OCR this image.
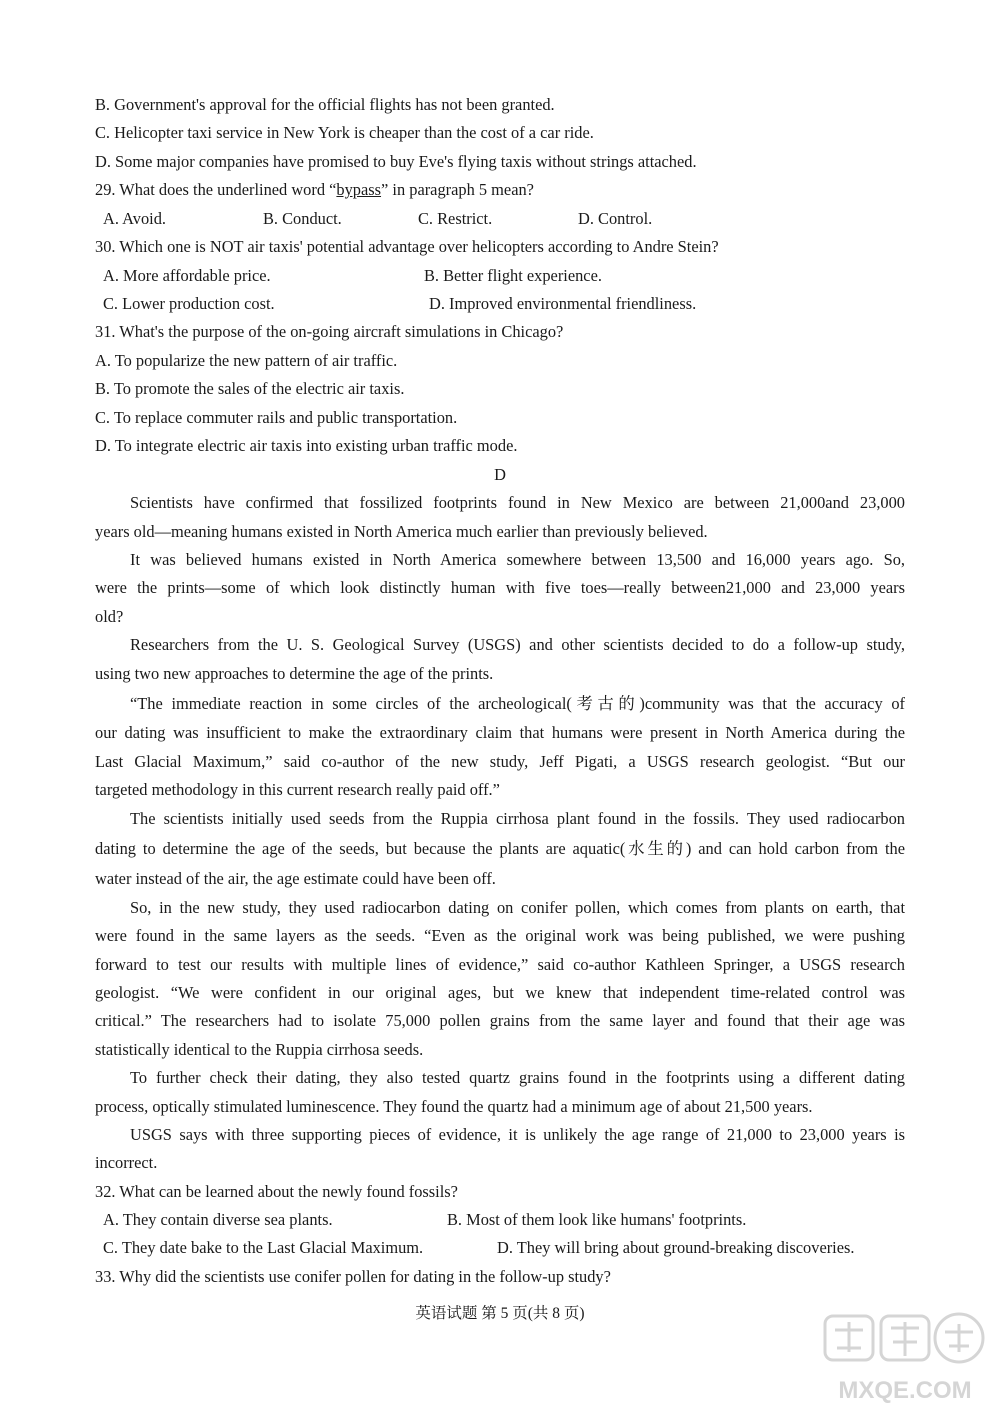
B. Government's approval for the official flights has not been granted.
C. Helicopter taxi service in New York is cheaper than the cost of a car ride.
D. Some major companies have promised to buy Eve's flying taxis without strings attached.
29. What does the underlined word “bypass” in paragraph 5 mean?
A. Avoid.	B. Conduct.	C. Restrict.	D. Control.
30. Which one is NOT air taxis' potential advantage over helicopters according to Andre Stein?
A. More affordable price.	B. Better flight experience.
C. Lower production cost.	D. Improved environmental friendliness.
31. What's the purpose of the on-going aircraft simulations in Chicago?
A. To popularize the new pattern of air traffic.
B. To promote the sales of the electric air taxis.
C. To replace commuter rails and public transportation.
D. To integrate electric air taxis into existing urban traffic mode.
D
Scientists have confirmed that fossilized footprints found in New Mexico are between 21,000and 23,000
years old—meaning humans existed in North America much earlier than previously believed.
It was believed humans existed in North America somewhere between 13,500 and 16,000 years ago. So,
were the prints—some of which look distinctly human with five toes—really between21,000 and 23,000 years
old?
Researchers from the U. S. Geological Survey (USGS) and other scientists decided to do a follow-up study,
using two new approaches to determine the age of the prints.
“The immediate reaction in some circles of the archeological(考古的)community was that the accuracy of
our dating was insufficient to make the extraordinary claim that humans were present in North America during the
Last Glacial Maximum,” said co-author of the new study, Jeff Pigati, a USGS research geologist. “But our
targeted methodology in this current research really paid off.”
The scientists initially used seeds from the Ruppia cirrhosa plant found in the fossils. They used radiocarbon
dating to determine the age of the seeds, but because the plants are aquatic(水生的) and can hold carbon from the
water instead of the air, the age estimate could have been off.
So, in the new study, they used radiocarbon dating on conifer pollen, which comes from plants on earth, that
were found in the same layers as the seeds. “Even as the original work was being published, we were pushing
forward to test our results with multiple lines of evidence,” said co-author Kathleen Springer, a USGS research
geologist. “We were confident in our original ages, but we knew that independent time-related control was
critical.” The researchers had to isolate 75,000 pollen grains from the same layer and found that their age was
statistically identical to the Ruppia cirrhosa seeds.
To further check their dating, they also tested quartz grains found in the footprints using a different dating
process, optically stimulated luminescence. They found the quartz had a minimum age of about 21,500 years.
USGS says with three supporting pieces of evidence, it is unlikely the age range of 21,000 to 23,000 years is
incorrect.
32. What can be learned about the newly found fossils?
A. They contain diverse sea plants.	B. Most of them look like humans' footprints.
C. They date bake to the Last Glacial Maximum.	D. They will bring about ground-breaking discoveries.
33. Why did the scientists use conifer pollen for dating in the follow-up study?
英语试题 第 5 页(共 8 页)
MXQE.COM
